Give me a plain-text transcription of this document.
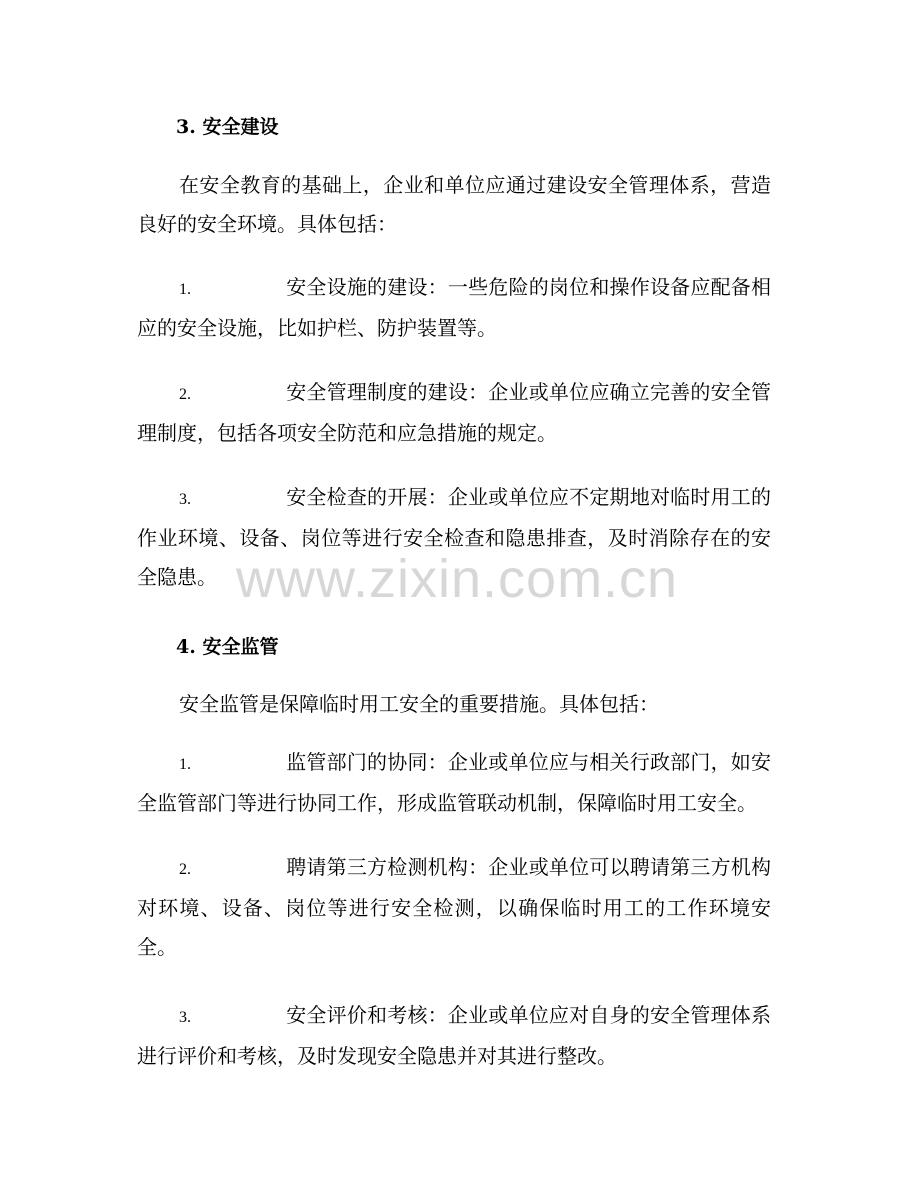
3. 安全建设
在安全教育的基础上，企业和单位应通过建设安全管理体系，营造良好的安全环境。具体包括：
1.	安全设施的建设：一些危险的岗位和操作设备应配备相应的安全设施，比如护栏、防护装置等。
2.	安全管理制度的建设：企业或单位应确立完善的安全管理制度，包括各项安全防范和应急措施的规定。
3.	安全检查的开展：企业或单位应不定期地对临时用工的作业环境、设备、岗位等进行安全检查和隐患排查，及时消除存在的安全隐患。
4. 安全监管
安全监管是保障临时用工安全的重要措施。具体包括：
1.	监管部门的协同：企业或单位应与相关行政部门，如安全监管部门等进行协同工作，形成监管联动机制，保障临时用工安全。
2.	聘请第三方检测机构：企业或单位可以聘请第三方机构对环境、设备、岗位等进行安全检测，以确保临时用工的工作环境安全。
3.	安全评价和考核：企业或单位应对自身的安全管理体系进行评价和考核，及时发现安全隐患并对其进行整改。
www.zixin.com.cn
